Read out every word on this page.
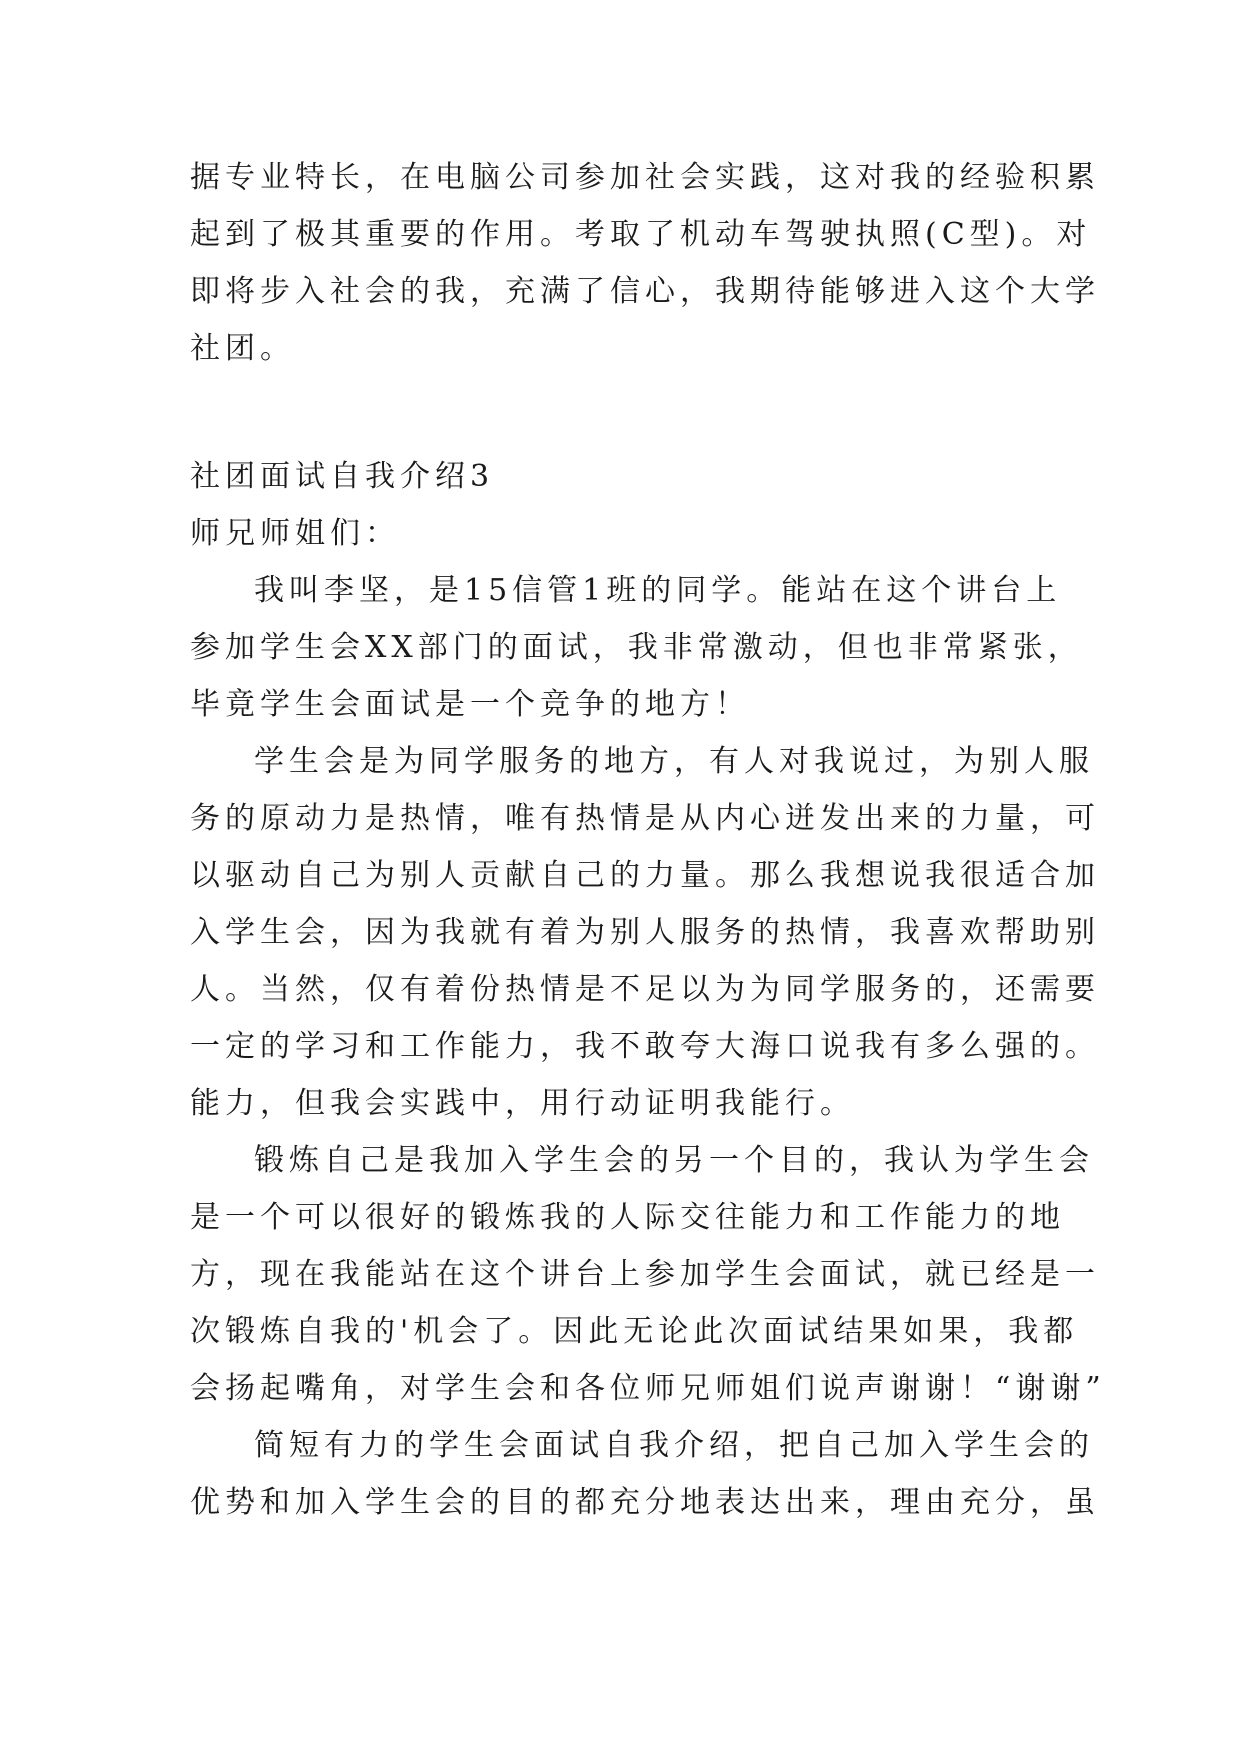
据专业特长，在电脑公司参加社会实践，这对我的经验积累
起到了极其重要的作用。考取了机动车驾驶执照(C型)。对
即将步入社会的我，充满了信心，我期待能够进入这个大学
社团。
社团面试自我介绍3
师兄师姐们：
我叫李坚，是15信管1班的同学。能站在这个讲台上
参加学生会XX部门的面试，我非常激动，但也非常紧张，
毕竟学生会面试是一个竞争的地方！
学生会是为同学服务的地方，有人对我说过，为别人服
务的原动力是热情，唯有热情是从内心迸发出来的力量，可
以驱动自己为别人贡献自己的力量。那么我想说我很适合加
入学生会，因为我就有着为别人服务的热情，我喜欢帮助别
人。当然，仅有着份热情是不足以为为同学服务的，还需要
一定的学习和工作能力，我不敢夸大海口说我有多么强的。
能力，但我会实践中，用行动证明我能行。
锻炼自己是我加入学生会的另一个目的，我认为学生会
是一个可以很好的锻炼我的人际交往能力和工作能力的地
方，现在我能站在这个讲台上参加学生会面试，就已经是一
次锻炼自我的'机会了。因此无论此次面试结果如果，我都
会扬起嘴角，对学生会和各位师兄师姐们说声谢谢！“谢谢”
简短有力的学生会面试自我介绍，把自己加入学生会的
优势和加入学生会的目的都充分地表达出来，理由充分，虽
